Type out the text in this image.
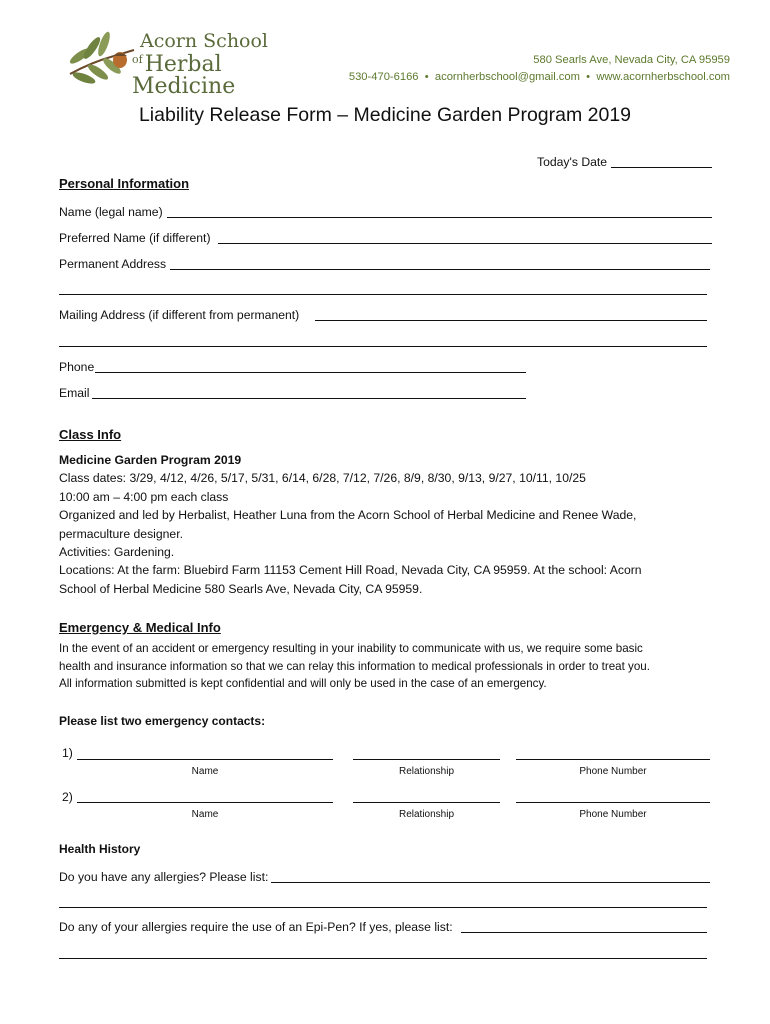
Acorn School
$^{of}$Herbal Medicine
580 Searls Ave, Nevada City, CA 95959
530-470-6166 • acornherbschool@gmail.com • www.acornherbschool.com
Liability Release Form – Medicine Garden Program 2019
Today's Date
Personal Information
Name (legal name)
Preferred Name (if different)
Permanent Address
Mailing Address (if different from permanent)
Phone
Email
Class Info
Medicine Garden Program 2019
Class dates: 3/29, 4/12, 4/26, 5/17, 5/31, 6/14, 6/28, 7/12, 7/26, 8/9, 8/30, 9/13, 9/27, 10/11, 10/25
10:00 am – 4:00 pm each class
Organized and led by Herbalist, Heather Luna from the Acorn School of Herbal Medicine and Renee Wade,
permaculture designer.
Activities: Gardening.
Locations: At the farm: Bluebird Farm 11153 Cement Hill Road, Nevada City, CA 95959. At the school: Acorn
School of Herbal Medicine 580 Searls Ave, Nevada City, CA 95959.
Emergency & Medical Info
In the event of an accident or emergency resulting in your inability to communicate with us, we require some basic
health and insurance information so that we can relay this information to medical professionals in order to treat you.
All information submitted is kept confidential and will only be used in the case of an emergency.
Please list two emergency contacts:
1)
Name	Relationship	Phone Number
2)
Name	Relationship	Phone Number
Health History
Do you have any allergies? Please list:
Do any of your allergies require the use of an Epi-Pen? If yes, please list:
